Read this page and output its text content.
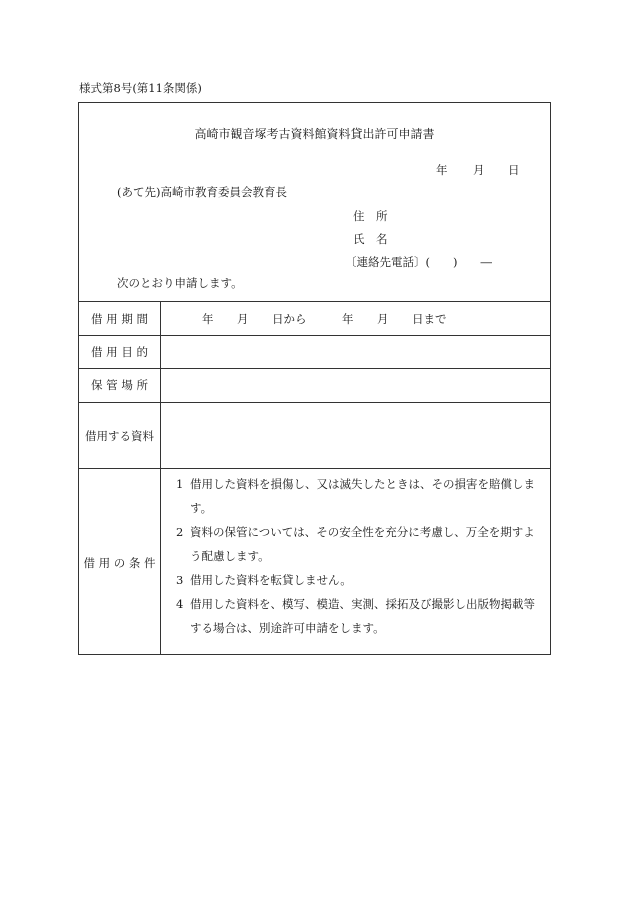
様式第8号(第11条関係)
高崎市観音塚考古資料館資料貸出許可申請書
年 月 日
(あて先)高崎市教育委員会教育長
住　所
氏　名
〔連絡先電話〕(　　)　　―
次のとおり申請します。
借 用 期 間	年 月 日から	年 月 日まで
借 用 目 的
保 管 場 所
借用する資料
借 用 の 条 件
1 借用した資料を損傷し、又は滅失したときは、その損害を賠償します。
2 資料の保管については、その安全性を充分に考慮し、万全を期すよう配慮します。
3 借用した資料を転貸しません。
4 借用した資料を、模写、模造、実測、採拓及び撮影し出版物掲載等する場合は、別途許可申請をします。
